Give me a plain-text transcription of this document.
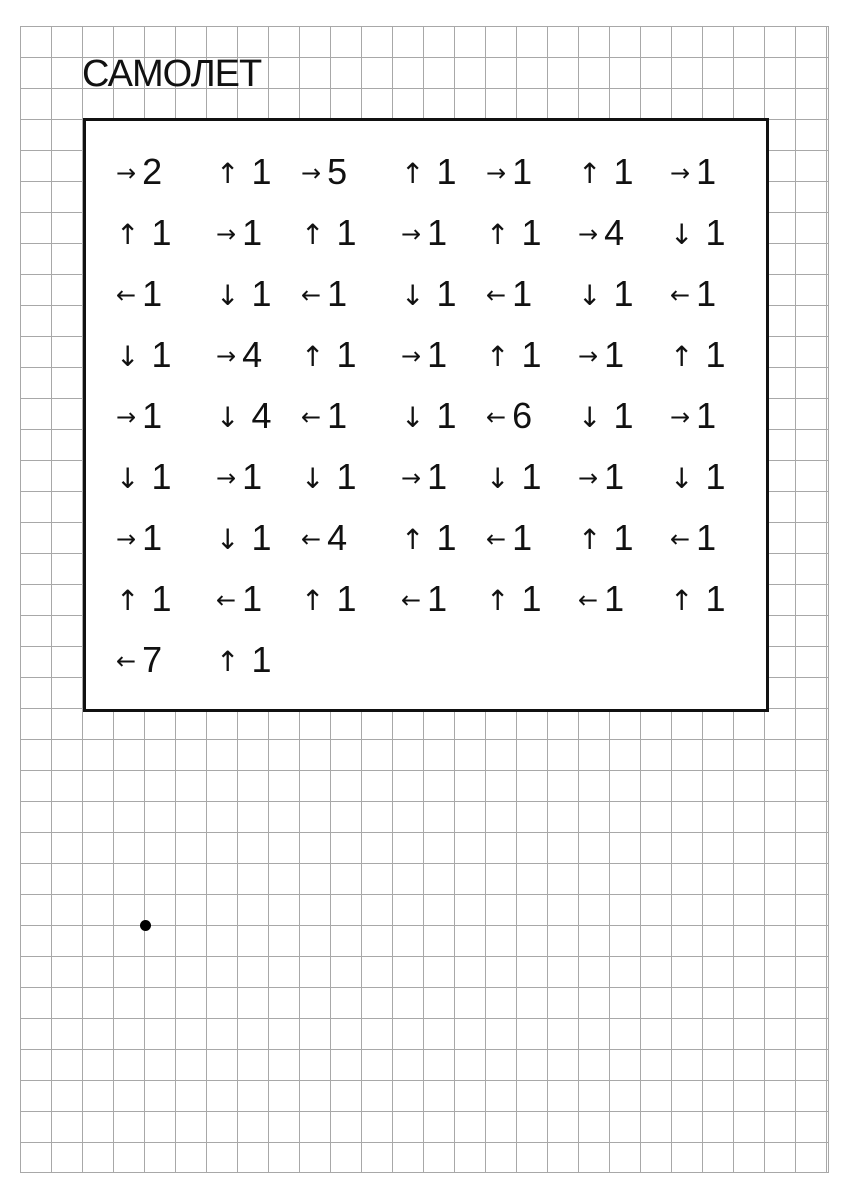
САМОЛЕТ
→ 2 ↑ 1 → 5 ↑ 1 → 1 ↑ 1 → 1
↑ 1 → 1 ↑ 1 → 1 ↑ 1 → 4 ↓ 1
← 1 ↓ 1 ← 1 ↓ 1 ← 1 ↓ 1 ← 1
↓ 1 → 4 ↑ 1 → 1 ↑ 1 → 1 ↑ 1
→ 1 ↓ 4 ← 1 ↓ 1 ← 6 ↓ 1 → 1
↓ 1 → 1 ↓ 1 → 1 ↓ 1 → 1 ↓ 1
→ 1 ↓ 1 ← 4 ↑ 1 ← 1 ↑ 1 ← 1
↑ 1 ← 1 ↑ 1 ← 1 ↑ 1 ← 1 ↑ 1
← 7 ↑ 1
